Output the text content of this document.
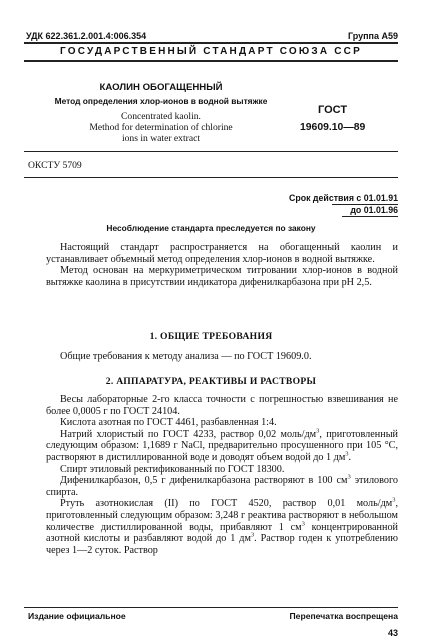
УДК 622.361.2.001.4:006.354	Группа А59
ГОСУДАРСТВЕННЫЙ СТАНДАРТ СОЮЗА ССР
КАОЛИН ОБОГАЩЕННЫЙ
Метод определения хлор-ионов в водной вытяжке
Concentrated kaolin.
Method for determination of chlorine
ions in water extract
ГОСТ
19609.10—89
ОКСТУ 5709
Срок действия с 01.01.91
до 01.01.96
Несоблюдение стандарта преследуется по закону

Настоящий стандарт распространяется на обогащенный каолин и устанавливает объемный метод определения хлор-ионов в водной вытяжке.

Метод основан на меркуриметрическом титровании хлор-ионов в водной вытяжке каолина в присутствии индикатора дифенилкарбазона при рН 2,5.

1. ОБЩИЕ ТРЕБОВАНИЯ

Общие требования к методу анализа — по ГОСТ 19609.0.

2. АППАРАТУРА, РЕАКТИВЫ И РАСТВОРЫ

Весы лабораторные 2-го класса точности с погрешностью взвешивания не более 0,0005 г по ГОСТ 24104.

Кислота азотная по ГОСТ 4461, разбавленная 1:4.

Натрий хлористый по ГОСТ 4233, раствор 0,02 моль/$дм^3$, приготовленный следующим образом: 1,1689 г NaCl, предварительно просушенного при 105 °С, растворяют в дистиллированной воде и доводят объем водой до 1 $дм^3$.

Спирт этиловый ректификованный по ГОСТ 18300.

Дифенилкарбазон, 0,5 г дифенилкарбазона растворяют в 100 $см^3$ этилового спирта.

Ртуть азотнокислая (II) по ГОСТ 4520, раствор 0,01 моль/$дм^3$, приготовленный следующим образом: 3,248 г реактива растворяют в небольшом количестве дистиллированной воды, прибавляют 1 $см^3$ концентрированной азотной кислоты и разбавляют водой до 1 $дм^3$. Раствор годен к употреблению через 1—2 суток. Раствор

Издание официальное	Перепечатка воспрещена
43
